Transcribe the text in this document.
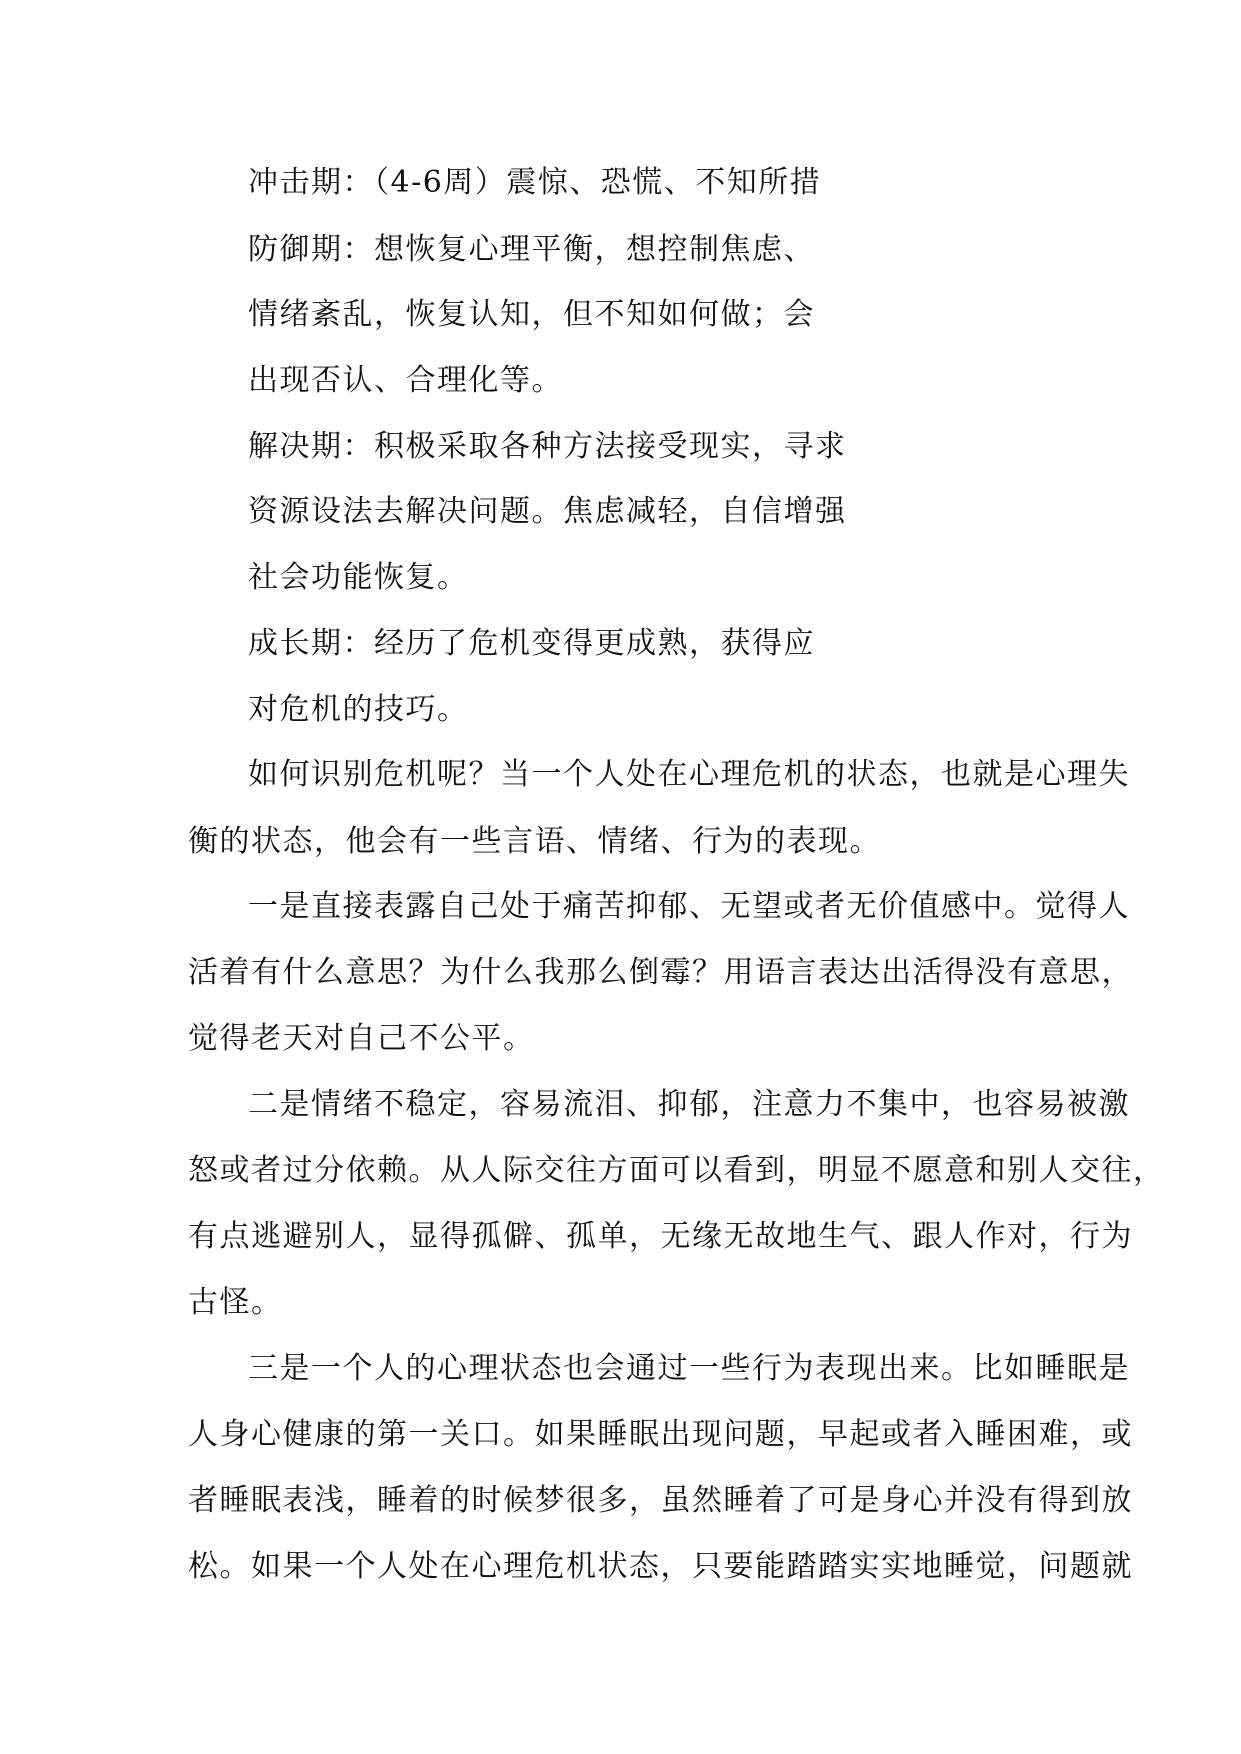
冲击期：（4-6周）震惊、恐慌、不知所措
防御期：想恢复心理平衡，想控制焦虑、
情绪紊乱，恢复认知，但不知如何做；会
出现否认、合理化等。
解决期：积极采取各种方法接受现实，寻求
资源设法去解决问题。焦虑减轻，自信增强
社会功能恢复。
成长期：经历了危机变得更成熟，获得应
对危机的技巧。
如何识别危机呢？当一个人处在心理危机的状态，也就是心理失
衡的状态，他会有一些言语、情绪、行为的表现。
一是直接表露自己处于痛苦抑郁、无望或者无价值感中。觉得人
活着有什么意思？为什么我那么倒霉？用语言表达出活得没有意思，
觉得老天对自己不公平。
二是情绪不稳定，容易流泪、抑郁，注意力不集中，也容易被激
怒或者过分依赖。从人际交往方面可以看到，明显不愿意和别人交往，
有点逃避别人，显得孤僻、孤单，无缘无故地生气、跟人作对，行为
古怪。
三是一个人的心理状态也会通过一些行为表现出来。比如睡眠是
人身心健康的第一关口。如果睡眠出现问题，早起或者入睡困难，或
者睡眠表浅，睡着的时候梦很多，虽然睡着了可是身心并没有得到放
松。如果一个人处在心理危机状态，只要能踏踏实实地睡觉，问题就
